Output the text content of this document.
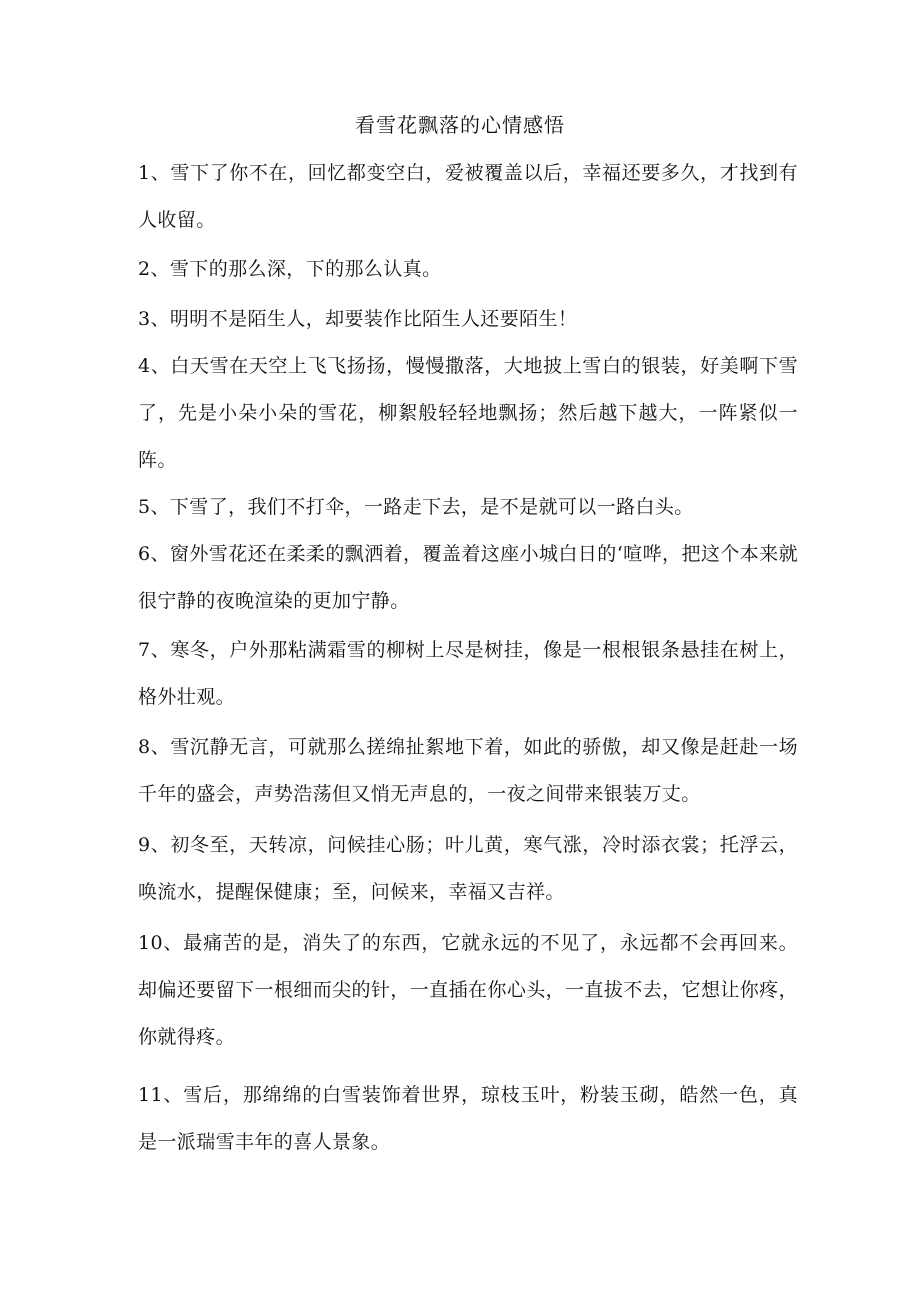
看雪花飘落的心情感悟
1、雪下了你不在，回忆都变空白，爱被覆盖以后，幸福还要多久，才找到有人收留。
2、雪下的那么深，下的那么认真。
3、明明不是陌生人，却要装作比陌生人还要陌生！
4、白天雪在天空上飞飞扬扬，慢慢撒落，大地披上雪白的银装，好美啊下雪了，先是小朵小朵的雪花，柳絮般轻轻地飘扬；然后越下越大，一阵紧似一阵。
5、下雪了，我们不打伞，一路走下去，是不是就可以一路白头。
6、窗外雪花还在柔柔的飘洒着，覆盖着这座小城白日的‘喧哗，把这个本来就很宁静的夜晚渲染的更加宁静。
7、寒冬，户外那粘满霜雪的柳树上尽是树挂，像是一根根银条悬挂在树上，格外壮观。
8、雪沉静无言，可就那么搓绵扯絮地下着，如此的骄傲，却又像是赶赴一场千年的盛会，声势浩荡但又悄无声息的，一夜之间带来银装万丈。
9、初冬至，天转凉，问候挂心肠；叶儿黄，寒气涨，冷时添衣裳；托浮云，唤流水，提醒保健康；至，问候来，幸福又吉祥。
10、最痛苦的是，消失了的东西，它就永远的不见了，永远都不会再回来。却偏还要留下一根细而尖的针，一直插在你心头，一直拔不去，它想让你疼，你就得疼。
11、雪后，那绵绵的白雪装饰着世界，琼枝玉叶，粉装玉砌，皓然一色，真是一派瑞雪丰年的喜人景象。
